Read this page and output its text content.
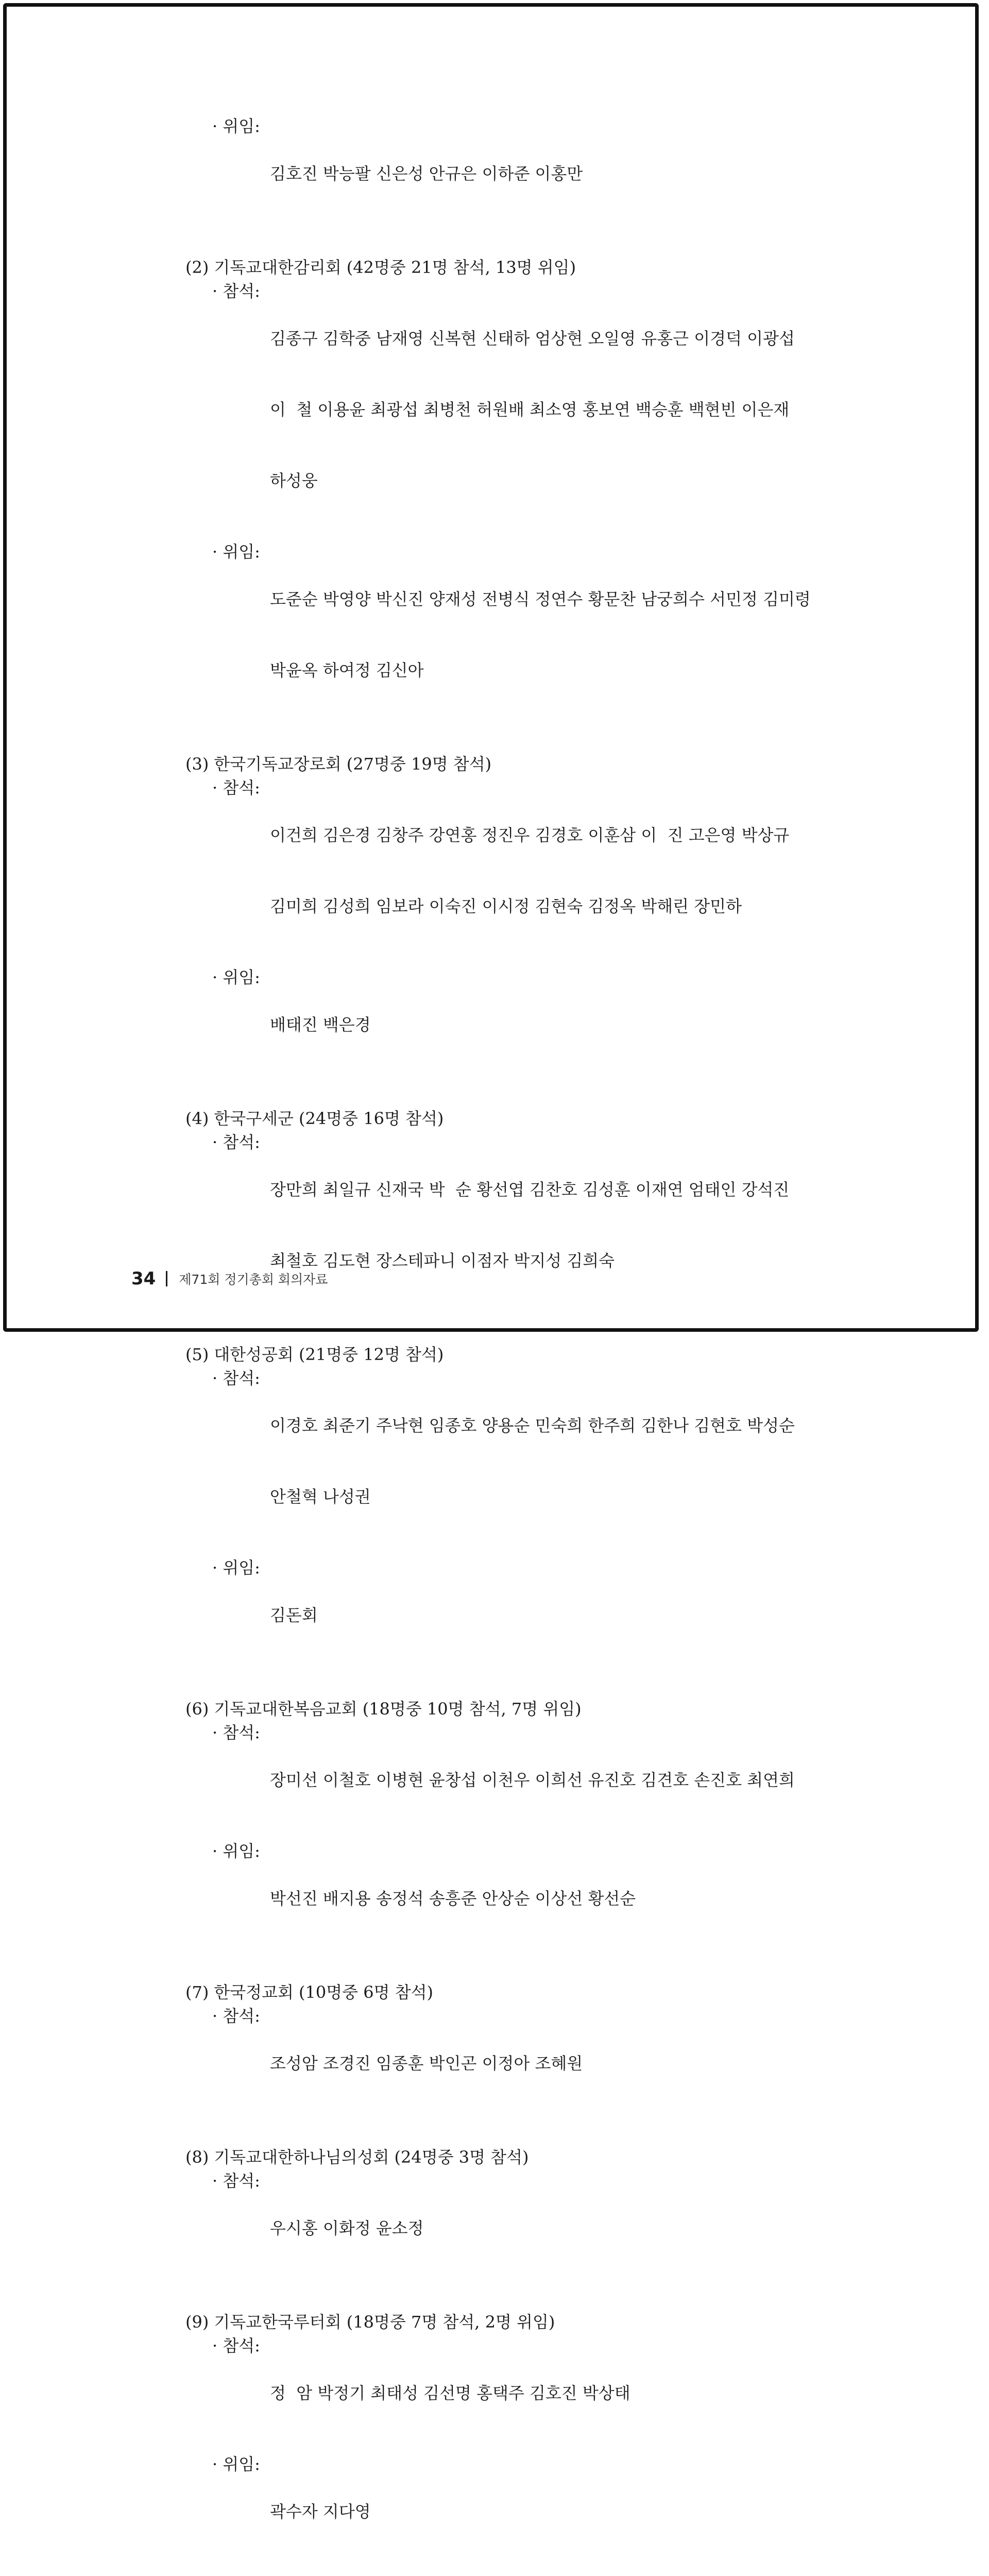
· 위임:

김호진 박능팔 신은성 안규은 이하준 이홍만

(2) 기독교대한감리회 (42명중 21명 참석, 13명 위임)
· 참석:

김종구 김학중 남재영 신복현 신태하 엄상현 오일영 유홍근 이경덕 이광섭

이  철 이용윤 최광섭 최병천 허원배 최소영 홍보연 백승훈 백현빈 이은재

하성웅

· 위임:

도준순 박영양 박신진 양재성 전병식 정연수 황문찬 남궁희수 서민정 김미령

박윤옥 하여정 김신아

(3) 한국기독교장로회 (27명중 19명 참석)
· 참석:

이건희 김은경 김창주 강연홍 정진우 김경호 이훈삼 이  진 고은영 박상규

김미희 김성희 임보라 이숙진 이시정 김현숙 김정옥 박해린 장민하

· 위임:

배태진 백은경

(4) 한국구세군 (24명중 16명 참석)
· 참석:

장만희 최일규 신재국 박  순 황선엽 김찬호 김성훈 이재연 엄태인 강석진

최철호 김도현 장스테파니 이점자 박지성 김희숙

(5) 대한성공회 (21명중 12명 참석)
· 참석:

이경호 최준기 주낙현 임종호 양용순 민숙희 한주희 김한나 김현호 박성순

안철혁 나성권

· 위임:

김돈회

(6) 기독교대한복음교회 (18명중 10명 참석, 7명 위임)
· 참석:

장미선 이철호 이병현 윤창섭 이천우 이희선 유진호 김견호 손진호 최연희

· 위임:

박선진 배지용 송정석 송흥준 안상순 이상선 황선순

(7) 한국정교회 (10명중 6명 참석)
· 참석:

조성암 조경진 임종훈 박인곤 이정아 조혜원

(8) 기독교대한하나님의성회 (24명중 3명 참석)
· 참석:

우시홍 이화정 윤소정

(9) 기독교한국루터회 (18명중 7명 참석, 2명 위임)
· 참석:

정  암 박정기 최태성 김선명 홍택주 김호진 박상태

· 위임:

곽수자 지다영

34 제71회 정기총회 회의자료
